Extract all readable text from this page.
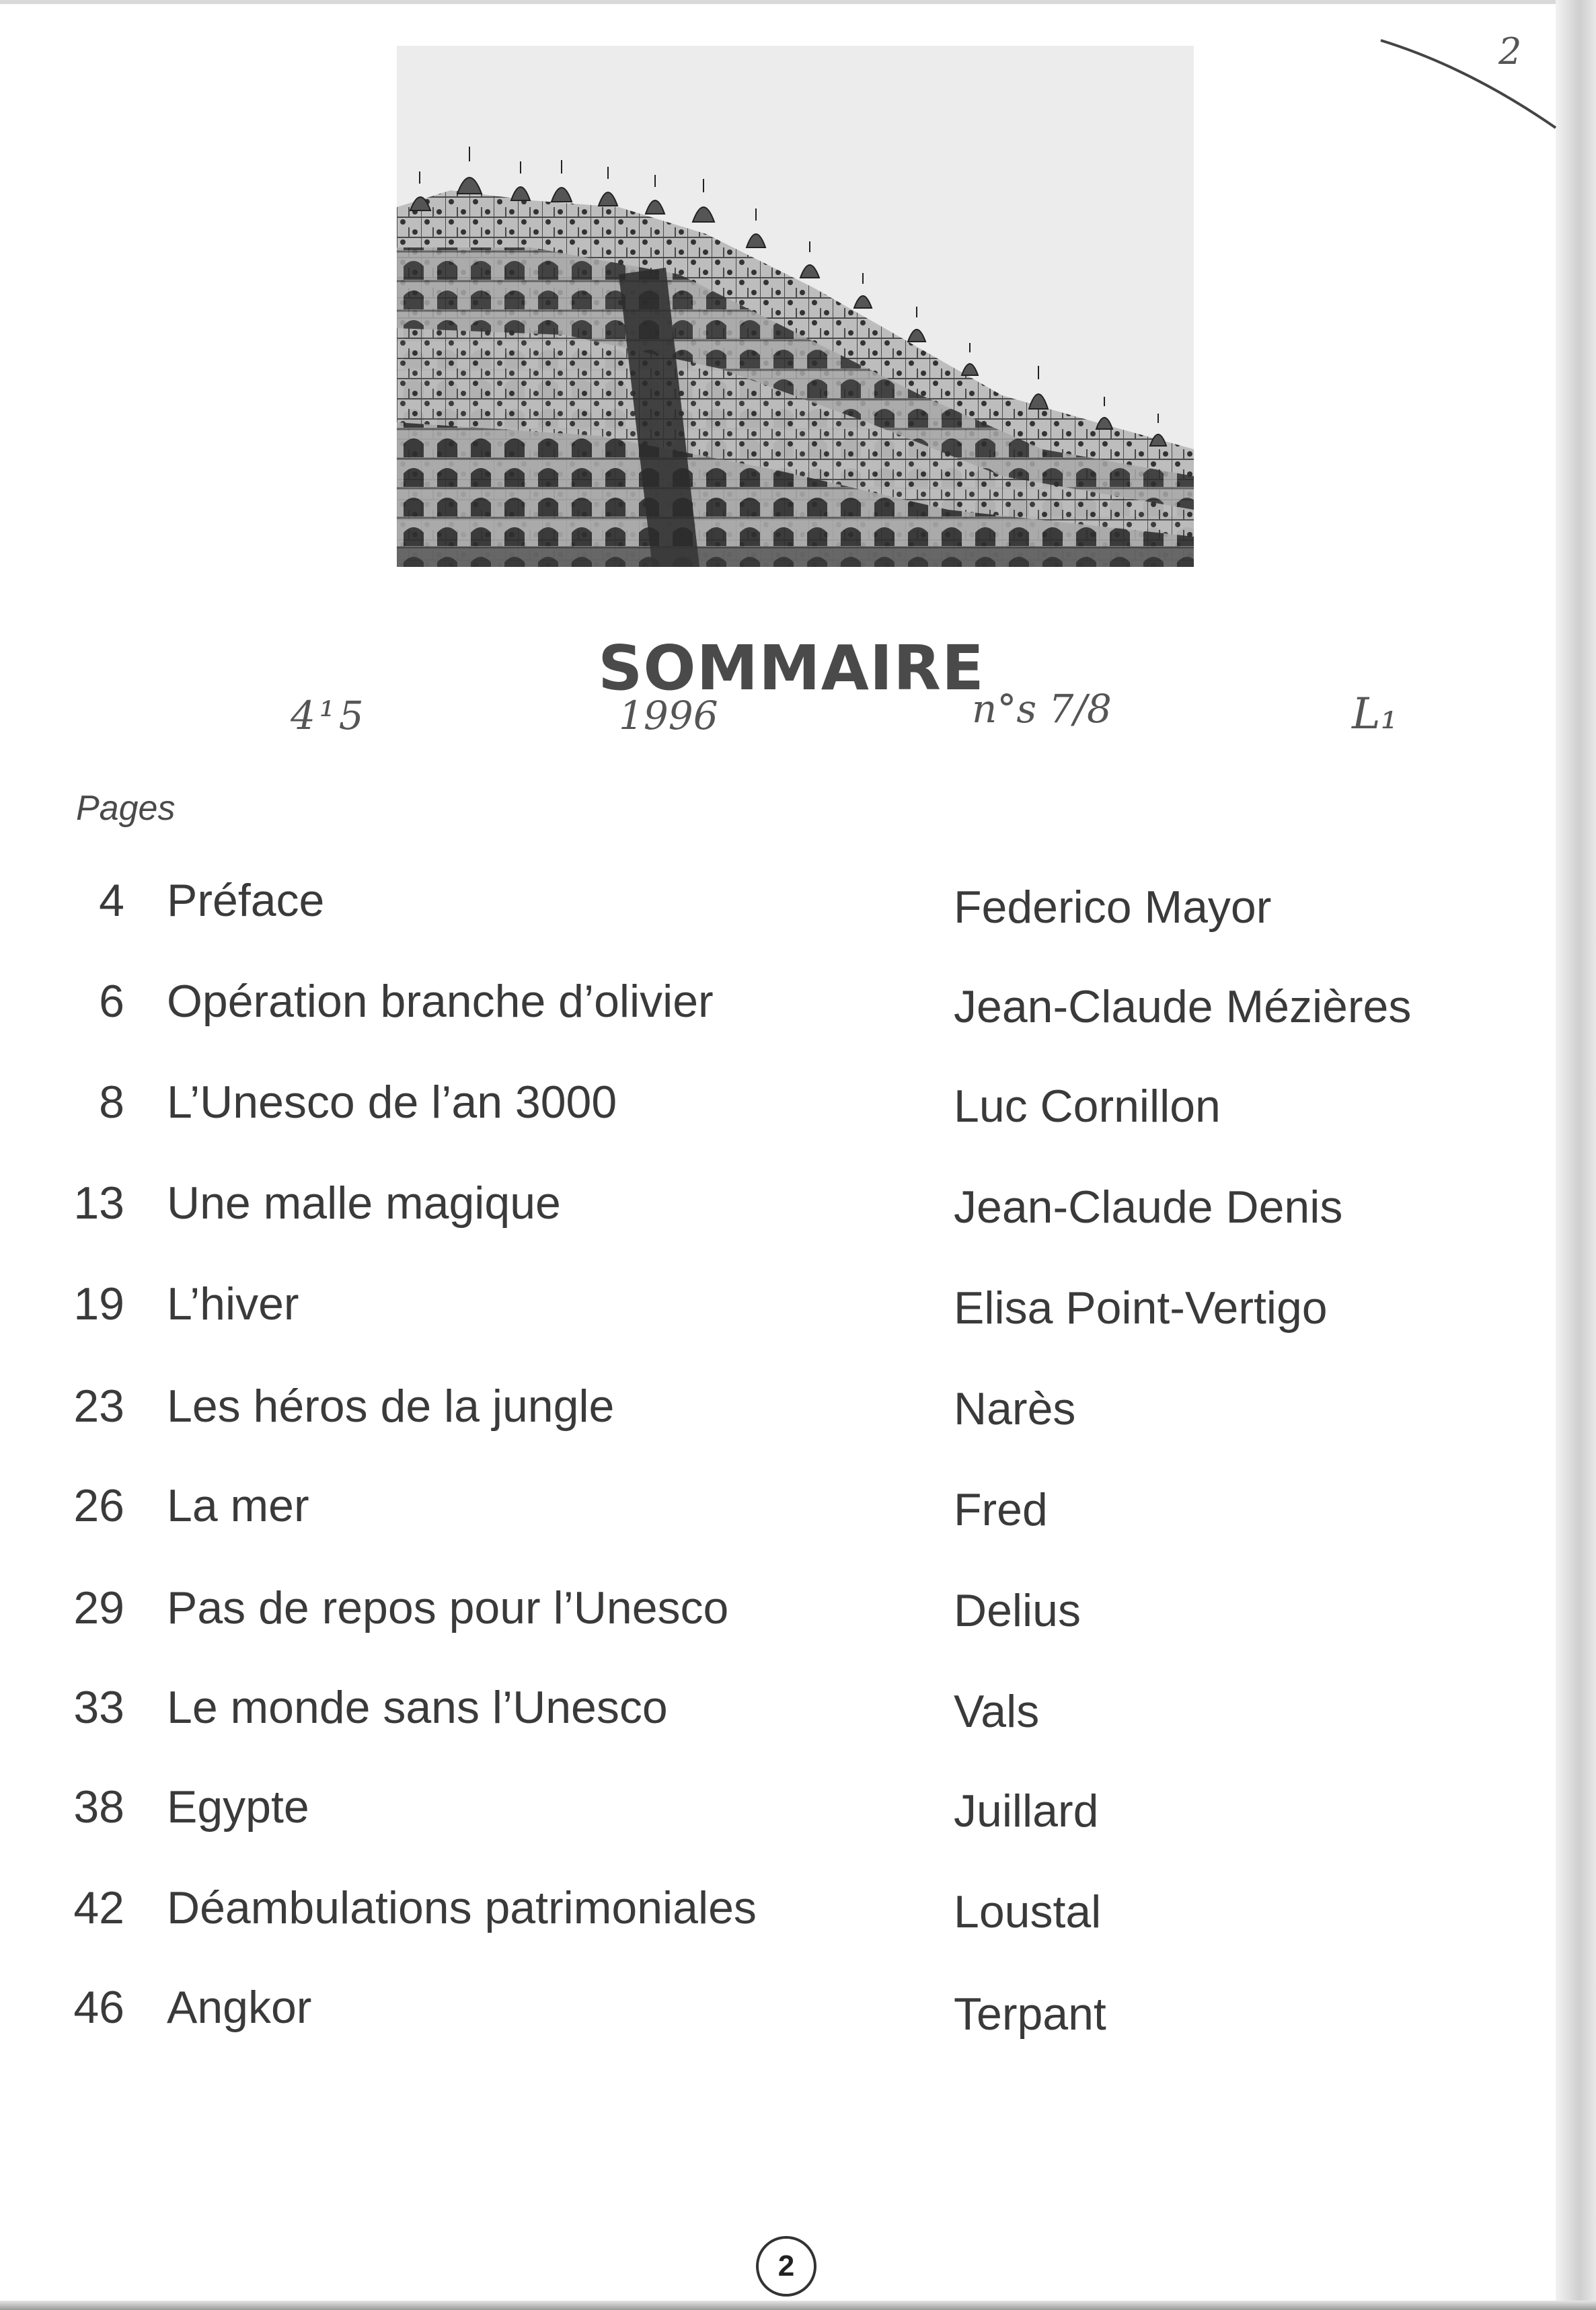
2
SOMMAIRE
4 ¹ 5	1996	n°s 7/8	L₁
Pages
4 Préface	Federico Mayor
6 Opération branche d’olivier	Jean-Claude Mézières
8 L’Unesco de l’an 3000	Luc Cornillon
13 Une malle magique	Jean-Claude Denis
19 L’hiver	Elisa Point-Vertigo
23 Les héros de la jungle	Narès
26 La mer	Fred
29 Pas de repos pour l’Unesco	Delius
33 Le monde sans l’Unesco	Vals
38 Egypte	Juillard
42 Déambulations patrimoniales	Loustal
46 Angkor	Terpant
2
